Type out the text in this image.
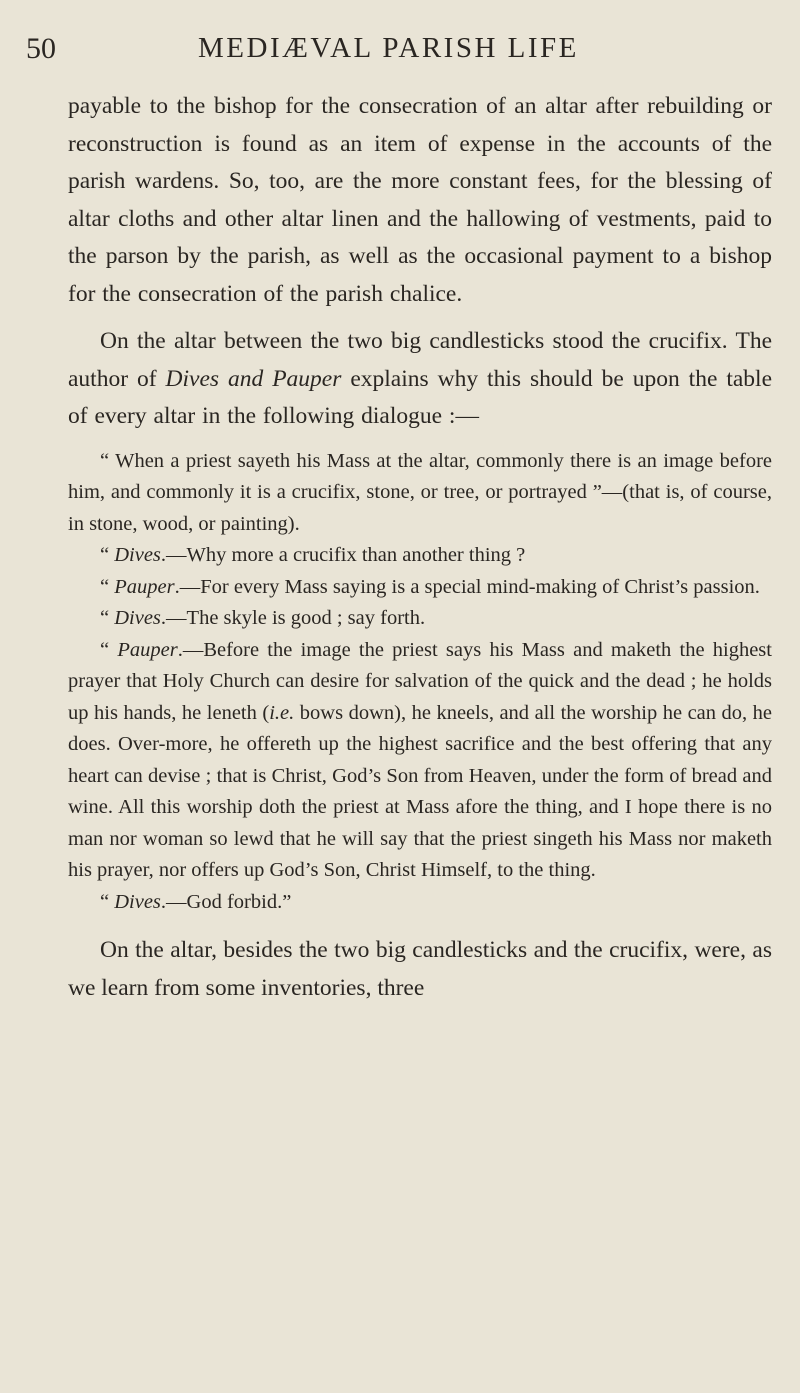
50	MEDIÆVAL PARISH LIFE

payable to the bishop for the consecration of an altar after rebuilding or reconstruction is found as an item of expense in the accounts of the parish wardens. So, too, are the more constant fees, for the blessing of altar cloths and other altar linen and the hallowing of vestments, paid to the parson by the parish, as well as the occasional payment to a bishop for the consecration of the parish chalice.

On the altar between the two big candlesticks stood the crucifix. The author of Dives and Pauper explains why this should be upon the table of every altar in the following dialogue :—

“ When a priest sayeth his Mass at the altar, commonly there is an image before him, and commonly it is a crucifix, stone, or tree, or portrayed ”—(that is, of course, in stone, wood, or painting).

“ Dives.—Why more a crucifix than another thing ?

“ Pauper.—For every Mass saying is a special mind-making of Christ’s passion.

“ Dives.—The skyle is good ; say forth.

“ Pauper.—Before the image the priest says his Mass and maketh the highest prayer that Holy Church can desire for salvation of the quick and the dead ; he holds up his hands, he leneth (i.e. bows down), he kneels, and all the worship he can do, he does. Over-more, he offereth up the highest sacrifice and the best offering that any heart can devise ; that is Christ, God’s Son from Heaven, under the form of bread and wine. All this worship doth the priest at Mass afore the thing, and I hope there is no man nor woman so lewd that he will say that the priest singeth his Mass nor maketh his prayer, nor offers up God’s Son, Christ Himself, to the thing.

“ Dives.—God forbid.”

On the altar, besides the two big candlesticks and the crucifix, were, as we learn from some inventories, three
